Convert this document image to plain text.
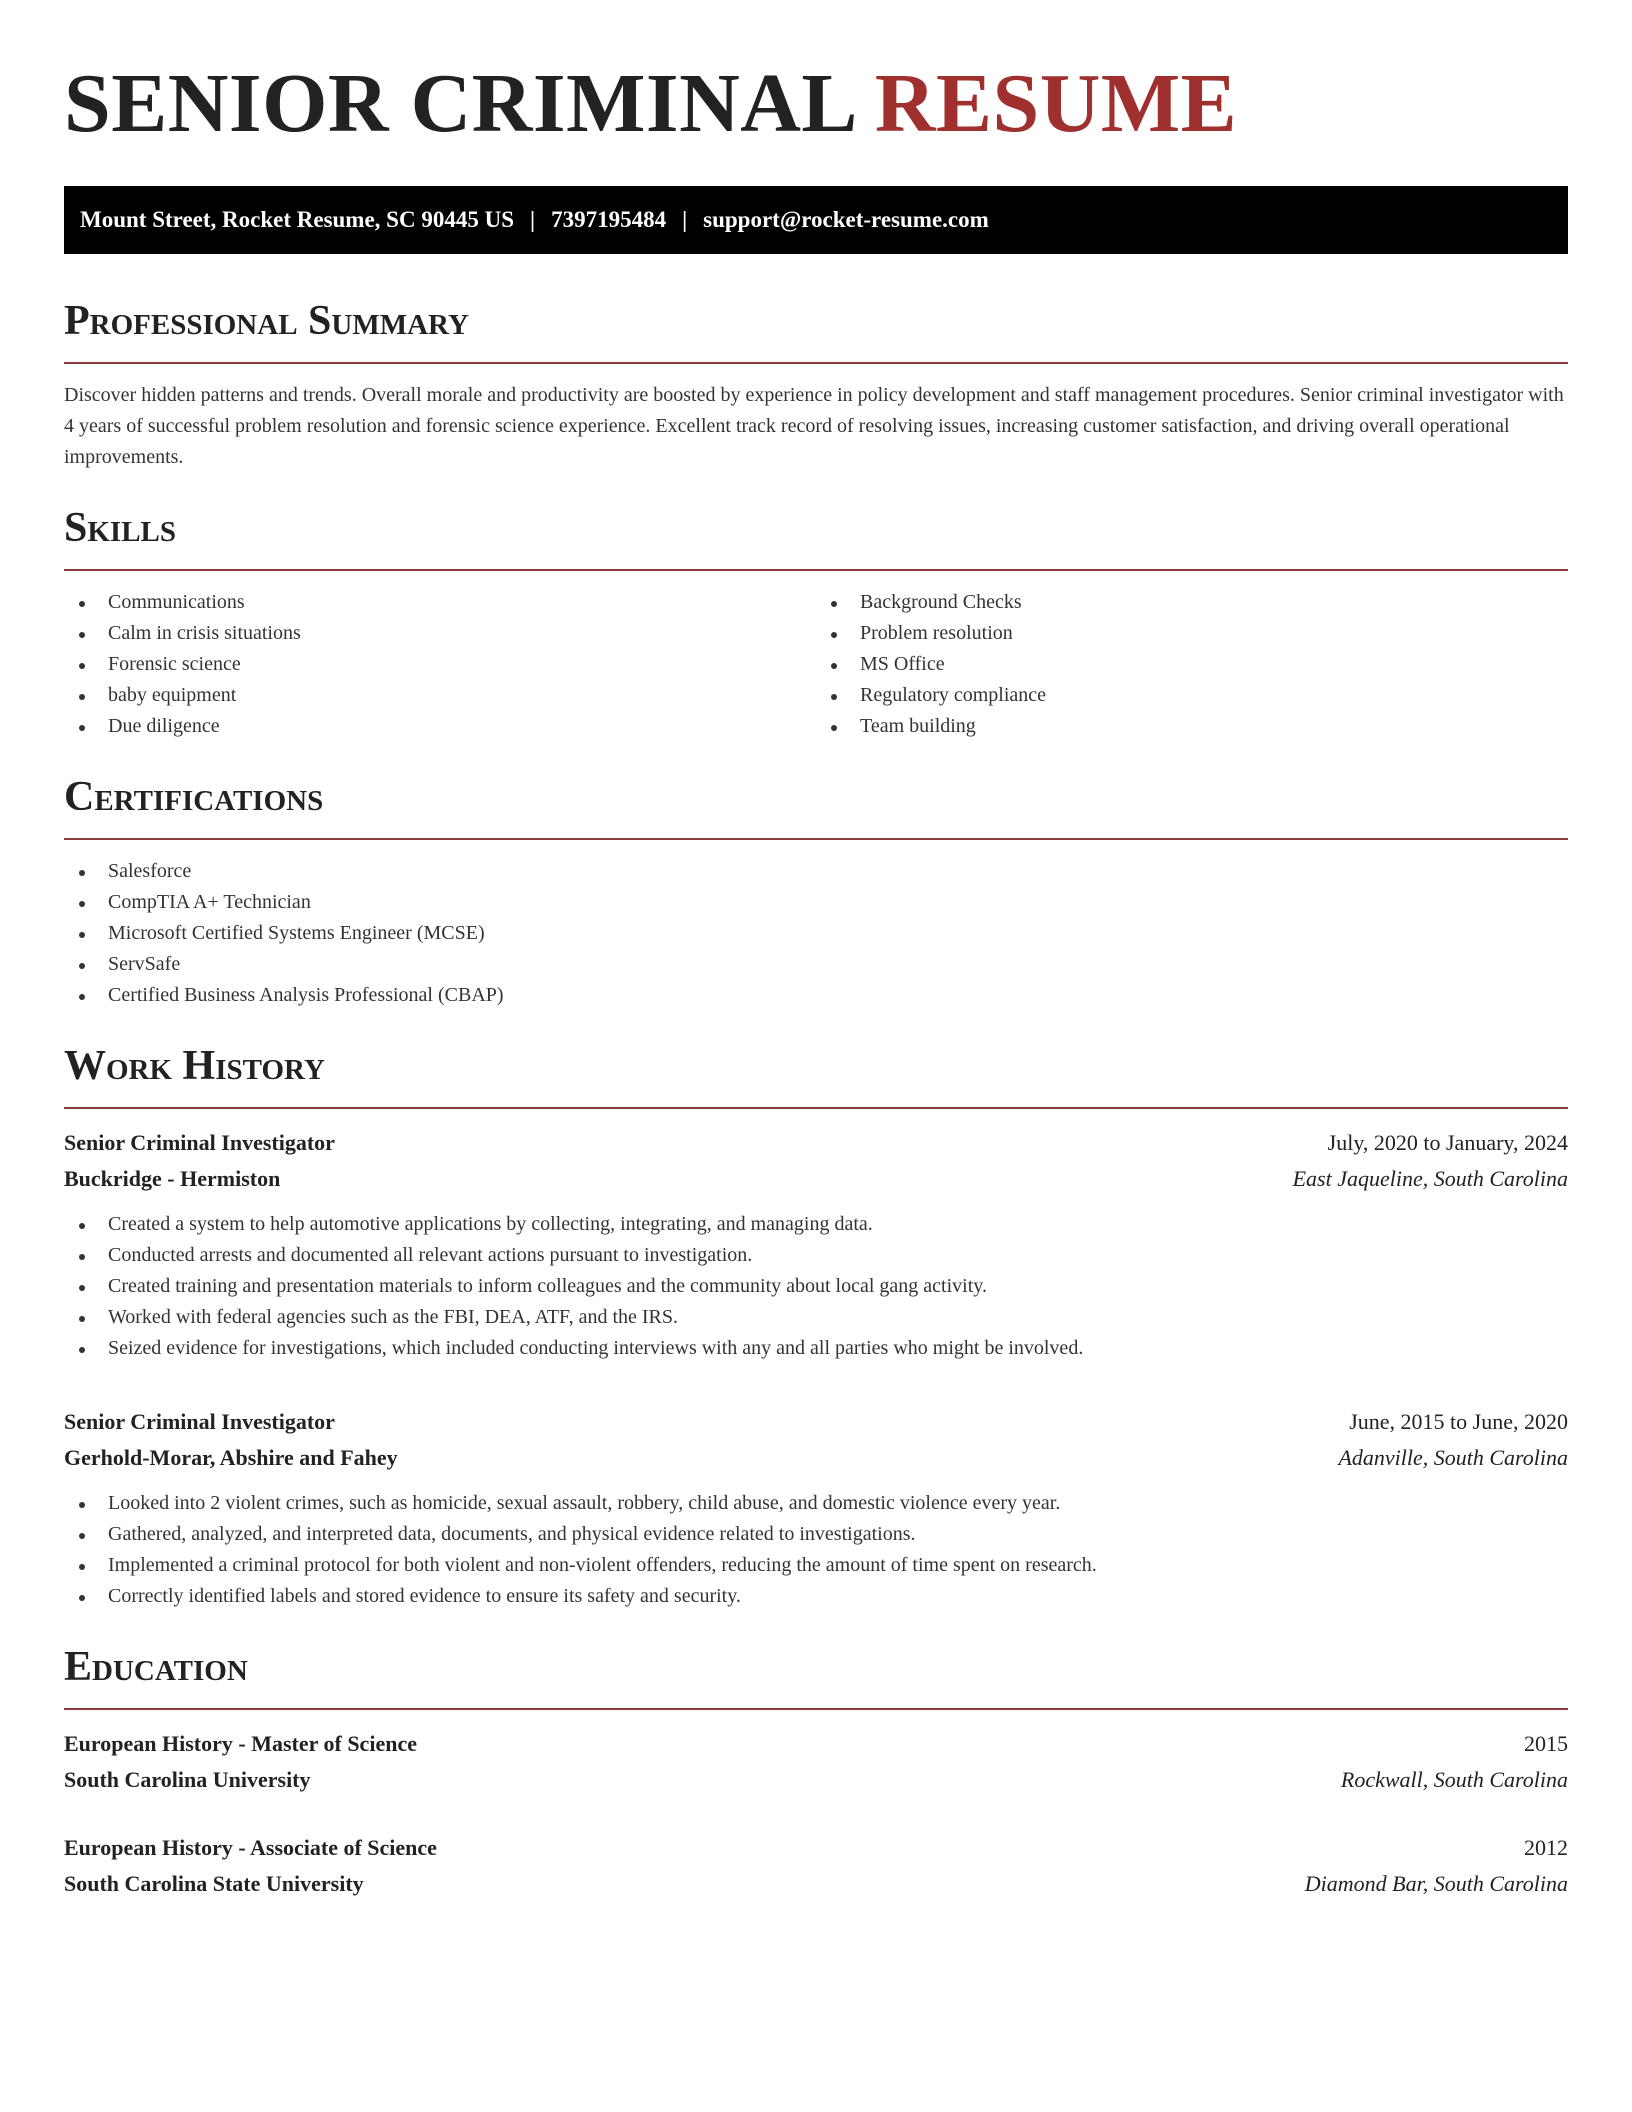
SENIOR CRIMINAL RESUME
Mount Street, Rocket Resume, SC 90445 US | 7397195484 | support@rocket-resume.com
Professional Summary

Discover hidden patterns and trends. Overall morale and productivity are boosted by experience in policy development and staff management procedures. Senior criminal investigator with 4 years of successful problem resolution and forensic science experience. Excellent track record of resolving issues, increasing customer satisfaction, and driving overall operational improvements.

Skills
Communications
Calm in crisis situations
Forensic science
baby equipment
Due diligence
Background Checks
Problem resolution
MS Office
Regulatory compliance
Team building
Certifications
Salesforce
CompTIA A+ Technician
Microsoft Certified Systems Engineer (MCSE)
ServSafe
Certified Business Analysis Professional (CBAP)
Work History
Senior Criminal Investigator	July, 2020 to January, 2024
Buckridge - Hermiston	East Jaqueline, South Carolina
Created a system to help automotive applications by collecting, integrating, and managing data.
Conducted arrests and documented all relevant actions pursuant to investigation.
Created training and presentation materials to inform colleagues and the community about local gang activity.
Worked with federal agencies such as the FBI, DEA, ATF, and the IRS.
Seized evidence for investigations, which included conducting interviews with any and all parties who might be involved.
Senior Criminal Investigator	June, 2015 to June, 2020
Gerhold-Morar, Abshire and Fahey	Adanville, South Carolina
Looked into 2 violent crimes, such as homicide, sexual assault, robbery, child abuse, and domestic violence every year.
Gathered, analyzed, and interpreted data, documents, and physical evidence related to investigations.
Implemented a criminal protocol for both violent and non-violent offenders, reducing the amount of time spent on research.
Correctly identified labels and stored evidence to ensure its safety and security.
Education
European History - Master of Science	2015
South Carolina University	Rockwall, South Carolina
European History - Associate of Science	2012
South Carolina State University	Diamond Bar, South Carolina
